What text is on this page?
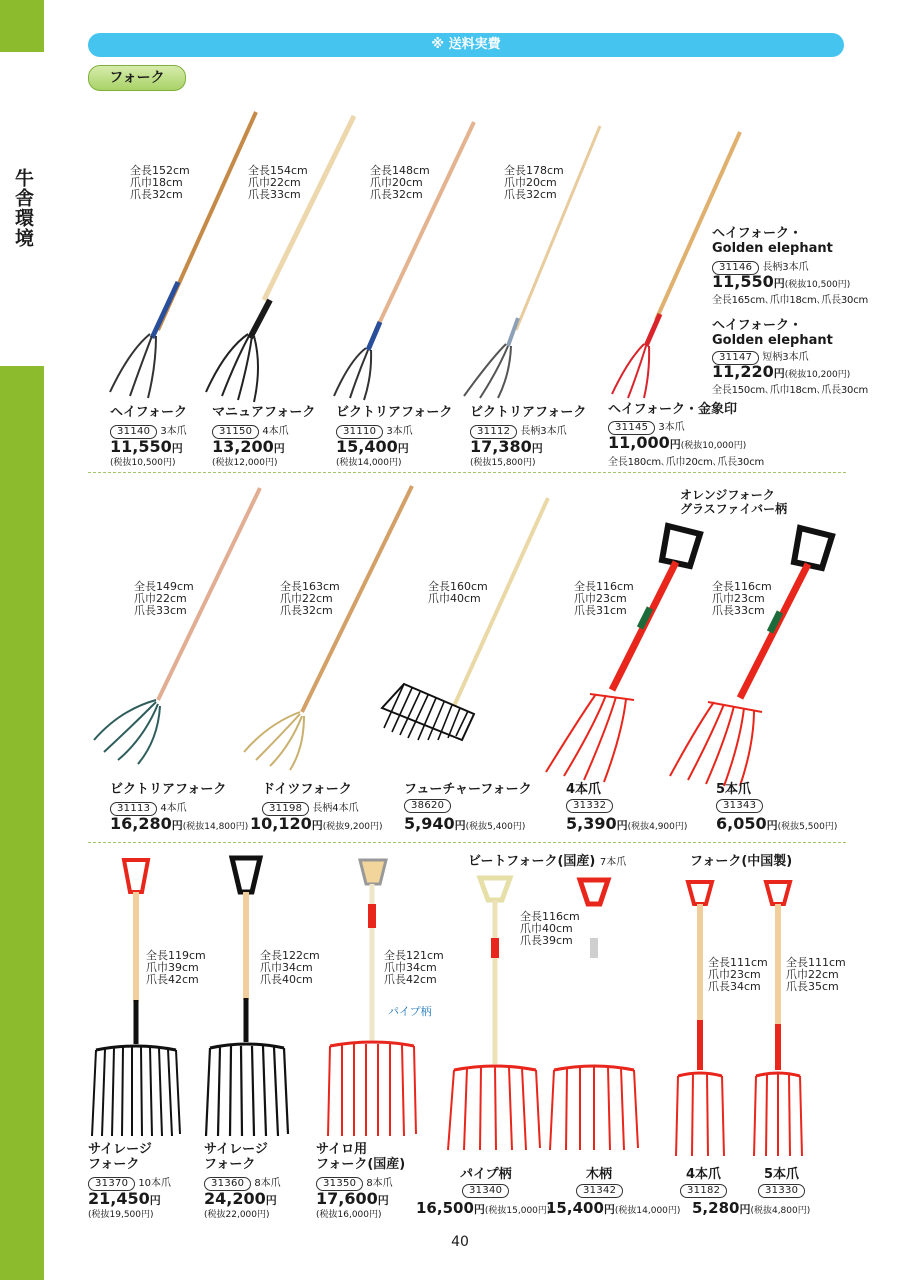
牛舎環境
※ 送料実費
フォーク
全長152cm
爪巾18cm
爪長32cm
全長154cm
爪巾22cm
爪長33cm
全長148cm
爪巾20cm
爪長32cm
全長178cm
爪巾20cm
爪長32cm
ヘイフォーク
31140 3本爪
11,550円
(税抜10,500円)
マニュアフォーク
31150 4本爪
13,200円
(税抜12,000円)
ビクトリアフォーク
31110 3本爪
15,400円
(税抜14,000円)
ビクトリアフォーク
31112 長柄3本爪
17,380円
(税抜15,800円)
ヘイフォーク・金象印
31145 3本爪
11,000円(税抜10,000円)
全長180cm､爪巾20cm､爪長30cm
ヘイフォーク・
Golden elephant
31146 長柄3本爪
11,550円(税抜10,500円)
全長165cm､爪巾18cm､爪長30cm
ヘイフォーク・
Golden elephant
31147 短柄3本爪
11,220円(税抜10,200円)
全長150cm､爪巾18cm､爪長30cm
オレンジフォーク
グラスファイバー柄
全長149cm
爪巾22cm
爪長33cm
全長163cm
爪巾22cm
爪長32cm
全長160cm
爪巾40cm
全長116cm
爪巾23cm
爪長31cm
全長116cm
爪巾23cm
爪長33cm
ビクトリアフォーク
31113 4本爪
16,280円(税抜14,800円)
ドイツフォーク
31198 長柄4本爪
10,120円(税抜9,200円)
フューチャーフォーク
38620
5,940円(税抜5,400円)
4本爪
31332
5,390円(税抜4,900円)
5本爪
31343
6,050円(税抜5,500円)
ビートフォーク(国産) 7本爪	フォーク(中国製)
全長119cm
爪巾39cm
爪長42cm
全長122cm
爪巾34cm
爪長40cm
全長121cm
爪巾34cm
爪長42cm
パイプ柄
全長116cm
爪巾40cm
爪長39cm
全長111cm
爪巾23cm
爪長34cm
全長111cm
爪巾22cm
爪長35cm
サイレージ
フォーク
31370 10本爪
21,450円
(税抜19,500円)
サイレージ
フォーク
31360 8本爪
24,200円
(税抜22,000円)
サイロ用
フォーク(国産)
31350 8本爪
17,600円
(税抜16,000円)
パイプ柄
31340
16,500円(税抜15,000円)
木柄
31342
15,400円(税抜14,000円)
4本爪
31182
5,280円(税抜4,800円)
5本爪
31330
40
